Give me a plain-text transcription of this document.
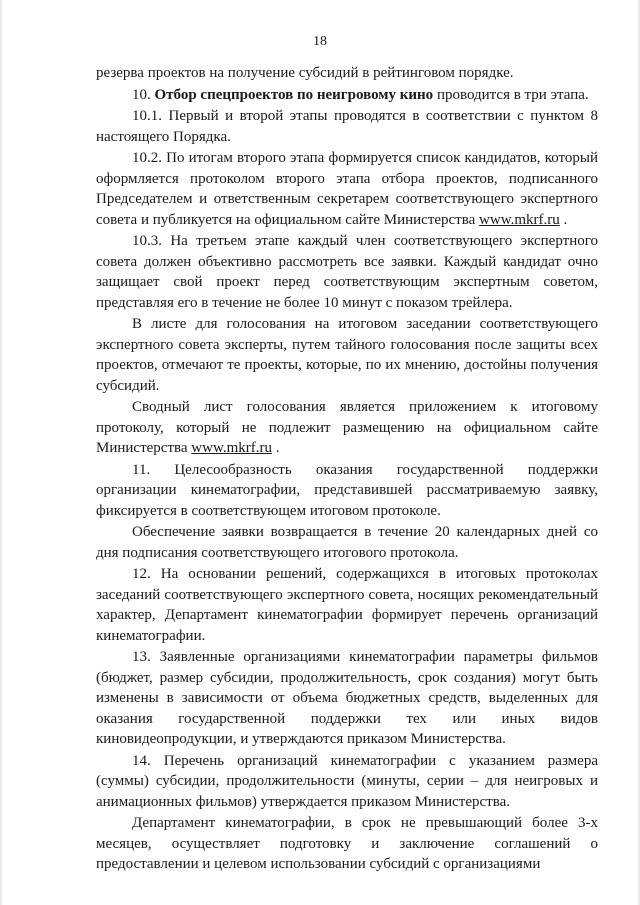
18

резерва проектов на получение субсидий в рейтинговом порядке.

10. Отбор спецпроектов по неигровому кино проводится в три этапа.

10.1. Первый и второй этапы проводятся в соответствии с пунктом 8 настоящего Порядка.

10.2. По итогам второго этапа формируется список кандидатов, который оформляется протоколом второго этапа отбора проектов, подписанного Председателем и ответственным секретарем соответствующего экспертного совета и публикуется на официальном сайте Министерства www.mkrf.ru .

10.3. На третьем этапе каждый член соответствующего экспертного совета должен объективно рассмотреть все заявки. Каждый кандидат очно защищает свой проект перед соответствующим экспертным советом, представляя его в течение не более 10 минут с показом трейлера.

В листе для голосования на итоговом заседании соответствующего экспертного совета эксперты, путем тайного голосования после защиты всех проектов, отмечают те проекты, которые, по их мнению, достойны получения субсидий.

Сводный лист голосования является приложением к итоговому протоколу, который не подлежит размещению на официальном сайте Министерства www.mkrf.ru .

11. Целесообразность оказания государственной поддержки организации кинематографии, представившей рассматриваемую заявку, фиксируется в соответствующем итоговом протоколе.

Обеспечение заявки возвращается в течение 20 календарных дней со дня подписания соответствующего итогового протокола.

12. На основании решений, содержащихся в итоговых протоколах заседаний соответствующего экспертного совета, носящих рекомендательный характер, Департамент кинематографии формирует перечень организаций кинематографии.

13. Заявленные организациями кинематографии параметры фильмов (бюджет, размер субсидии, продолжительность, срок создания) могут быть изменены в зависимости от объема бюджетных средств, выделенных для оказания государственной поддержки тех или иных видов киновидеопродукции, и утверждаются приказом Министерства.

14. Перечень организаций кинематографии с указанием размера (суммы) субсидии, продолжительности (минуты, серии – для неигровых и анимационных фильмов) утверждается приказом Министерства.

Департамент кинематографии, в срок не превышающий более 3-х месяцев, осуществляет подготовку и заключение соглашений о предоставлении и целевом использовании субсидий с организациями
